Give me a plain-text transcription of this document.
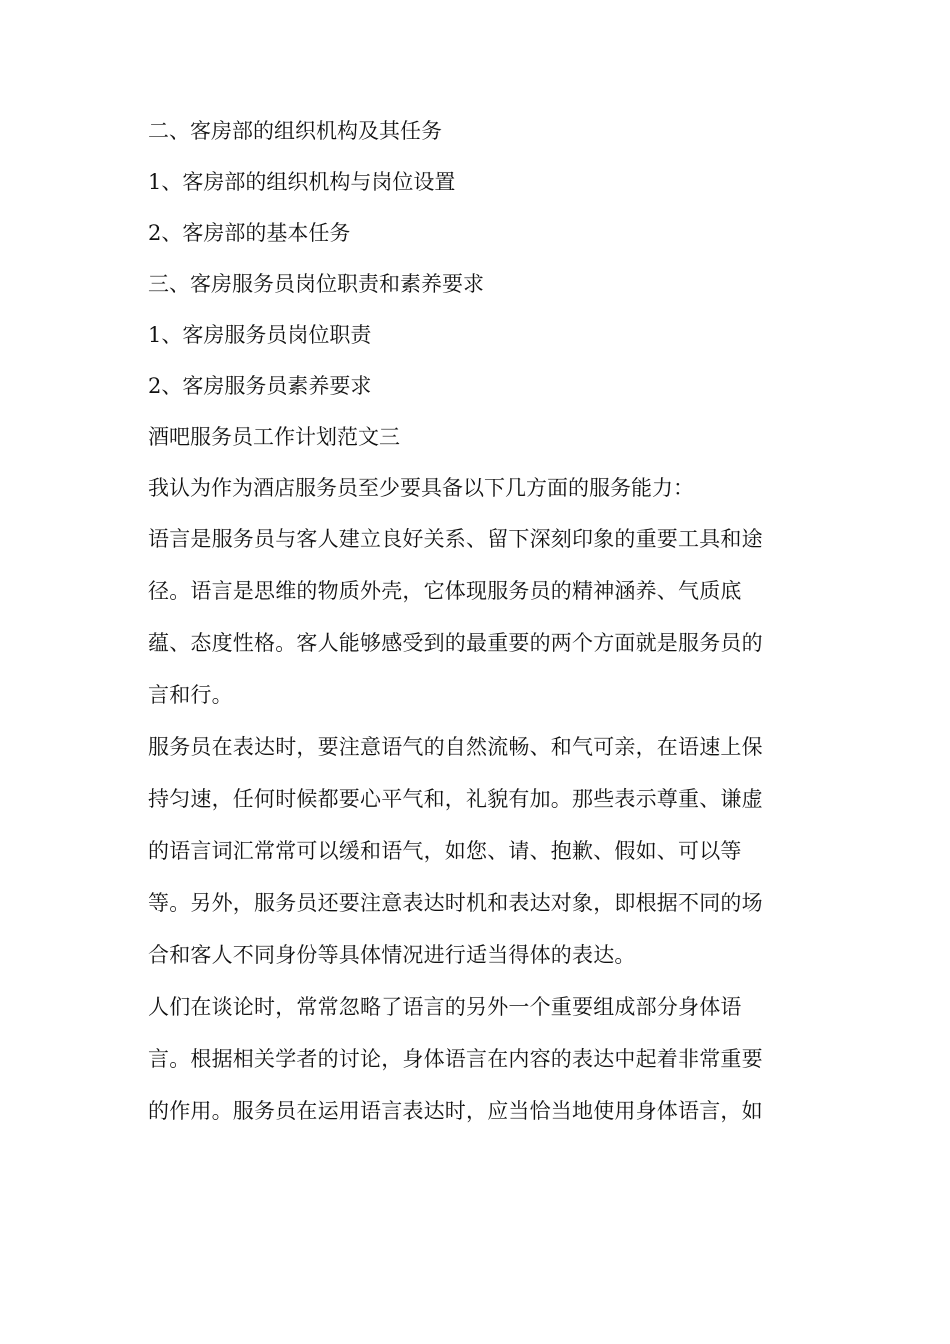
二、客房部的组织机构及其任务

1、客房部的组织机构与岗位设置

2、客房部的基本任务

三、客房服务员岗位职责和素养要求

1、客房服务员岗位职责

2、客房服务员素养要求

酒吧服务员工作计划范文三

我认为作为酒店服务员至少要具备以下几方面的服务能力：

语言是服务员与客人建立良好关系、留下深刻印象的重要工具和途

径。语言是思维的物质外壳，它体现服务员的精神涵养、气质底

蕴、态度性格。客人能够感受到的最重要的两个方面就是服务员的

言和行。

服务员在表达时，要注意语气的自然流畅、和气可亲，在语速上保

持匀速，任何时候都要心平气和，礼貌有加。那些表示尊重、谦虚

的语言词汇常常可以缓和语气，如您、请、抱歉、假如、可以等

等。另外，服务员还要注意表达时机和表达对象，即根据不同的场

合和客人不同身份等具体情况进行适当得体的表达。

人们在谈论时，常常忽略了语言的另外一个重要组成部分身体语

言。根据相关学者的讨论，身体语言在内容的表达中起着非常重要

的作用。服务员在运用语言表达时，应当恰当地使用身体语言，如
